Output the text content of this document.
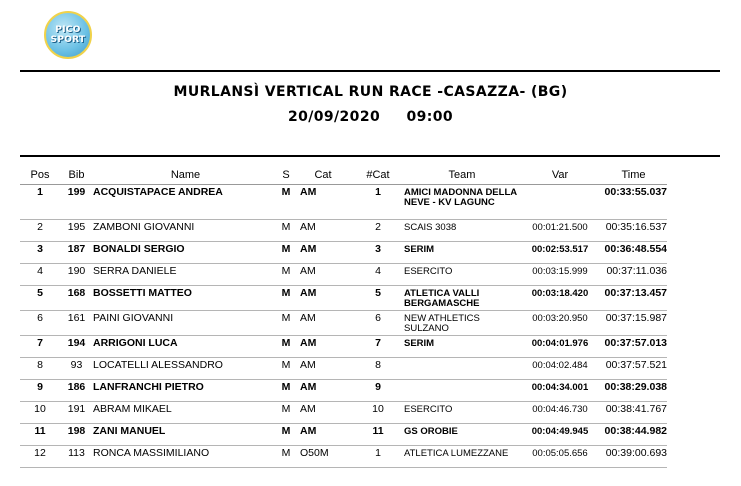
PICO
SPORT
MURLANSÌ VERTICAL RUN RACE -CASAZZA- (BG)
20/09/2020     09:00
Pos	Bib	Name	S	Cat	#Cat	Team	Var	Time
1	199	ACQUISTAPACE ANDREA	M	AM	1	AMICI MADONNA DELLA NEVE - KV LAGUNC		00:33:55.037
2	195	ZAMBONI GIOVANNI	M	AM	2	SCAIS 3038	00:01:21.500	00:35:16.537
3	187	BONALDI SERGIO	M	AM	3	SERIM	00:02:53.517	00:36:48.554
4	190	SERRA DANIELE	M	AM	4	ESERCITO	00:03:15.999	00:37:11.036
5	168	BOSSETTI MATTEO	M	AM	5	ATLETICA VALLI BERGAMASCHE	00:03:18.420	00:37:13.457
6	161	PAINI GIOVANNI	M	AM	6	NEW ATHLETICS SULZANO	00:03:20.950	00:37:15.987
7	194	ARRIGONI LUCA	M	AM	7	SERIM	00:04:01.976	00:37:57.013
8	93	LOCATELLI ALESSANDRO	M	AM	8		00:04:02.484	00:37:57.521
9	186	LANFRANCHI PIETRO	M	AM	9		00:04:34.001	00:38:29.038
10	191	ABRAM MIKAEL	M	AM	10	ESERCITO	00:04:46.730	00:38:41.767
11	198	ZANI MANUEL	M	AM	11	GS OROBIE	00:04:49.945	00:38:44.982
12	113	RONCA MASSIMILIANO	M	O50M	1	ATLETICA LUMEZZANE	00:05:05.656	00:39:00.693
